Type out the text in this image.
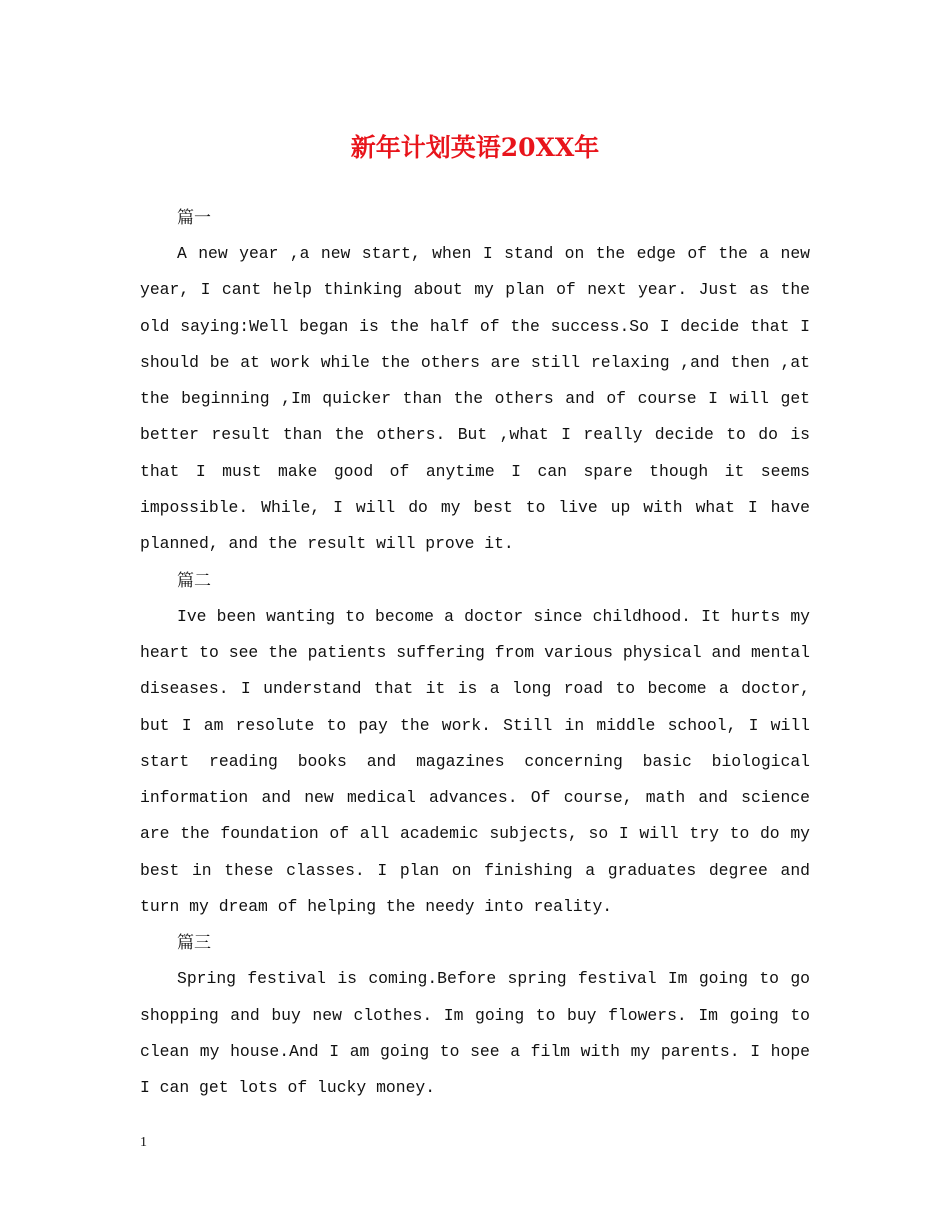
新年计划英语20XX年
篇一

A new year ,a new start, when I stand on the edge of the a new year, I cant help thinking about my plan of next year. Just as the old saying:Well began is the half of the success.So I decide that I should be at work while the others are still relaxing ,and then ,at the beginning ,Im quicker than the others and of course I will get better result than the others. But ,what I really decide to do is that I must make good of anytime I can spare though it seems impossible. While, I will do my best to live up with what I have planned, and the result will prove it.

篇二

Ive been wanting to become a doctor since childhood. It hurts my heart to see the patients suffering from various physical and mental diseases. I understand that it is a long road to become a doctor, but I am resolute to pay the work. Still in middle school, I will start reading books and magazines concerning basic biological information and new medical advances. Of course, math and science are the foundation of all academic subjects, so I will try to do my best in these classes. I plan on finishing a graduates degree and turn my dream of helping the needy into reality.

篇三

Spring festival is coming.Before spring festival Im going to go shopping and buy new clothes. Im going to buy flowers. Im going to clean my house.And I am going to see a film with my parents. I hope I can get lots of lucky money.

1
